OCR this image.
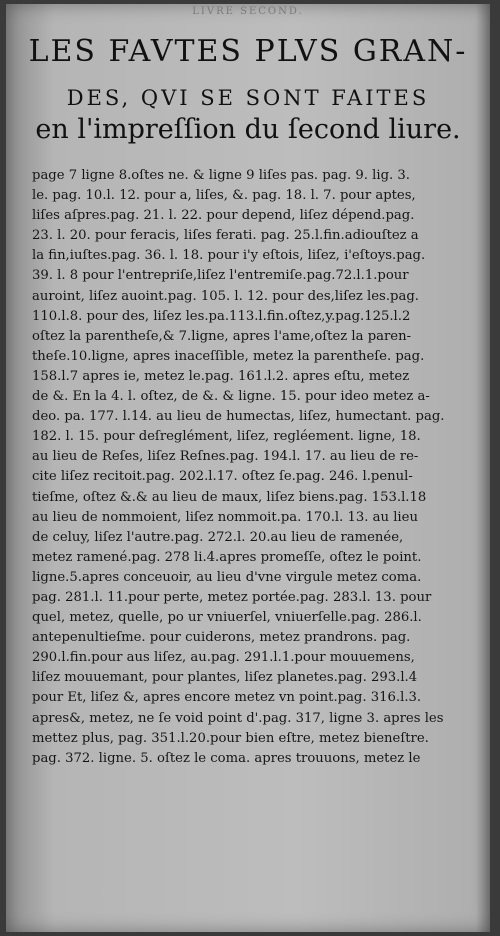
LIVRE SECOND.
LES FAVTES PLVS GRAN-
DES, QVI SE SONT FAITES
en l'impreſſion du ſecond liure.
page 7 ligne 8.oſtes ne. & ligne 9 liſes pas. pag. 9. lig. 3.
le. pag. 10.l. 12. pour a, liſes, &. pag. 18. l. 7. pour aptes,
liſes aſpres.pag. 21. l. 22. pour depend, liſez dépend.pag.
23. l. 20. pour feracis, liſes ferati. pag. 25.l.fin.adiouſtez a
la fin,iuſtes.pag. 36. l. 18. pour i'y eſtois, liſez, i'eſtoys.pag.
39. l. 8 pour l'entrepriſe,liſez l'entremiſe.pag.72.l.1.pour
auroint, liſez auoint.pag. 105. l. 12. pour des,liſez les.pag.
110.l.8. pour des, liſez les.pa.113.l.fin.oſtez,y.pag.125.l.2
oſtez la parentheſe,& 7.ligne, apres l'ame,oſtez la paren-
theſe.10.ligne, apres inaceſſible, metez la parentheſe. pag.
158.l.7 apres ie, metez le.pag. 161.l.2. apres eſtu, metez
de &. En la 4. l. oſtez, de &. & ligne. 15. pour ideo metez a-
deo. pa. 177. l.14. au lieu de humectas, liſez, humectant. pag.
182. l. 15. pour deſreglément, liſez, regléement. ligne, 18.
au lieu de Reſes, liſez Reſnes.pag. 194.l. 17. au lieu de re-
cite liſez recitoit.pag. 202.l.17. oſtez ſe.pag. 246. l.penul-
tieſme, oſtez &.& au lieu de maux, liſez biens.pag. 153.l.18
au lieu de nommoient, liſez nommoit.pa. 170.l. 13. au lieu
de celuy, liſez l'autre.pag. 272.l. 20.au lieu de ramenée,
metez ramené.pag. 278 li.4.apres promeſſe, oſtez le point.
ligne.5.apres conceuoir, au lieu d'vne virgule metez coma.
pag. 281.l. 11.pour perte, metez portée.pag. 283.l. 13. pour
quel, metez, quelle, po ur vniuerſel, vniuerſelle.pag. 286.l.
antepenultieſme. pour cuiderons, metez prandrons. pag.
290.l.fin.pour aus liſez, au.pag. 291.l.1.pour mouuemens,
liſez mouuemant, pour plantes, liſez planetes.pag. 293.l.4
pour Et, liſez &, apres encore metez vn point.pag. 316.l.3.
apres&, metez, ne ſe void point d'.pag. 317, ligne 3. apres les
mettez plus, pag. 351.l.20.pour bien eſtre, metez bieneſtre.
pag. 372. ligne. 5. oſtez le coma. apres trouuons, metez le
